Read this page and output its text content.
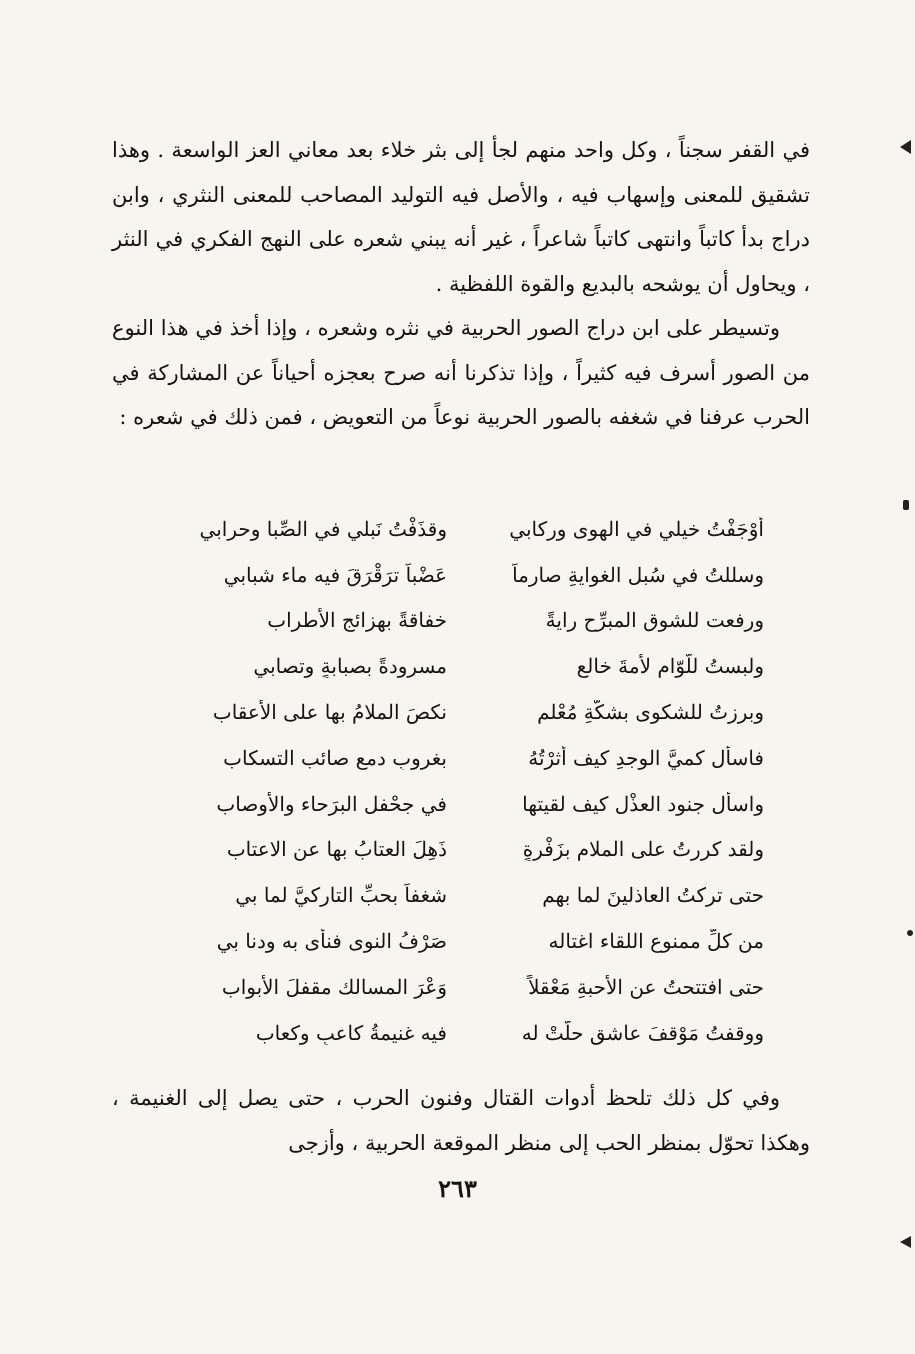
في القفر سجناً ، وكل واحد منهم لجأ إلى بثر خلاء بعد معاني العز الواسعة . وهذا تشقيق للمعنى وإسهاب فيه ، والأصل فيه التوليد المصاحب للمعنى النثري ، وابن دراج بدأ كاتباً وانتهى كاتباً شاعراً ، غير أنه يبني شعره على النهج الفكري في النثر ، ويحاول أن يوشحه بالبديع والقوة اللفظية .

وتسيطر على ابن دراج الصور الحربية في نثره وشعره ، وإذا أخذ في هذا النوع من الصور أسرف فيه كثيراً ، وإذا تذكرنا أنه صرح بعجزه أحياناً عن المشاركة في الحرب عرفنا في شغفه بالصور الحربية نوعاً من التعويض ، فمن ذلك في شعره :

أوْجَفْتُ خيلي في الهوى وركابي
وقذَفْتُ نَبلي في الصِّبا وحرابي
وسللتُ في سُبلِ الغوايةِ صارماً
عَضْباً ترَقْرَقَ فيه ماء شبابي
ورفعت للشوق المبرِّحِ رايةً
خفاقةً بهزائجِ الأطراب
ولبستُ للّوّام لأمةَ خالعٍ
مسرودةً بصبابةٍ وتصابي
وبرزتُ للشكوى بشكّةِ مُعْلمٍ
نكصَ الملامُ بها على الأعقاب
فاسأل كميَّ الوجدِ كيف أثرْتُهُ
بغروبِ دمعٍ صائب التسكاب
واسأل جنود العذْلِ كيف لقيتها
في جحْفلِ البرَحاء والأوصاب
ولقد كررتُ على الملام بزَفْرةٍ
ذَهِلَ العتابُ بها عن الاعتاب
حتى تركتُ العاذلينَ لما بهم
شغفاً بحبِّ التاركيَّ لما بي
من كلِّ ممنوعِ اللقاء اغتاله
صَرْفُ النوى فنأى به ودنا بي
حتى افتتحتُ عن الأحبةِ مَعْقلاً
وَعْرَ المسالك مقفلَ الأبواب
ووقفتُ مَوْقفَ عاشقٍ حلّتْ له
فيه غنيمةُ كاعبٍ وكعاب

وفي كل ذلك تلحظ أدوات القتال وفنون الحرب ، حتى يصل إلى الغنيمة ، وهكذا تحوّل بمنظر الحب إلى منظر الموقعة الحربية ، وأزجى

٢٦٣
